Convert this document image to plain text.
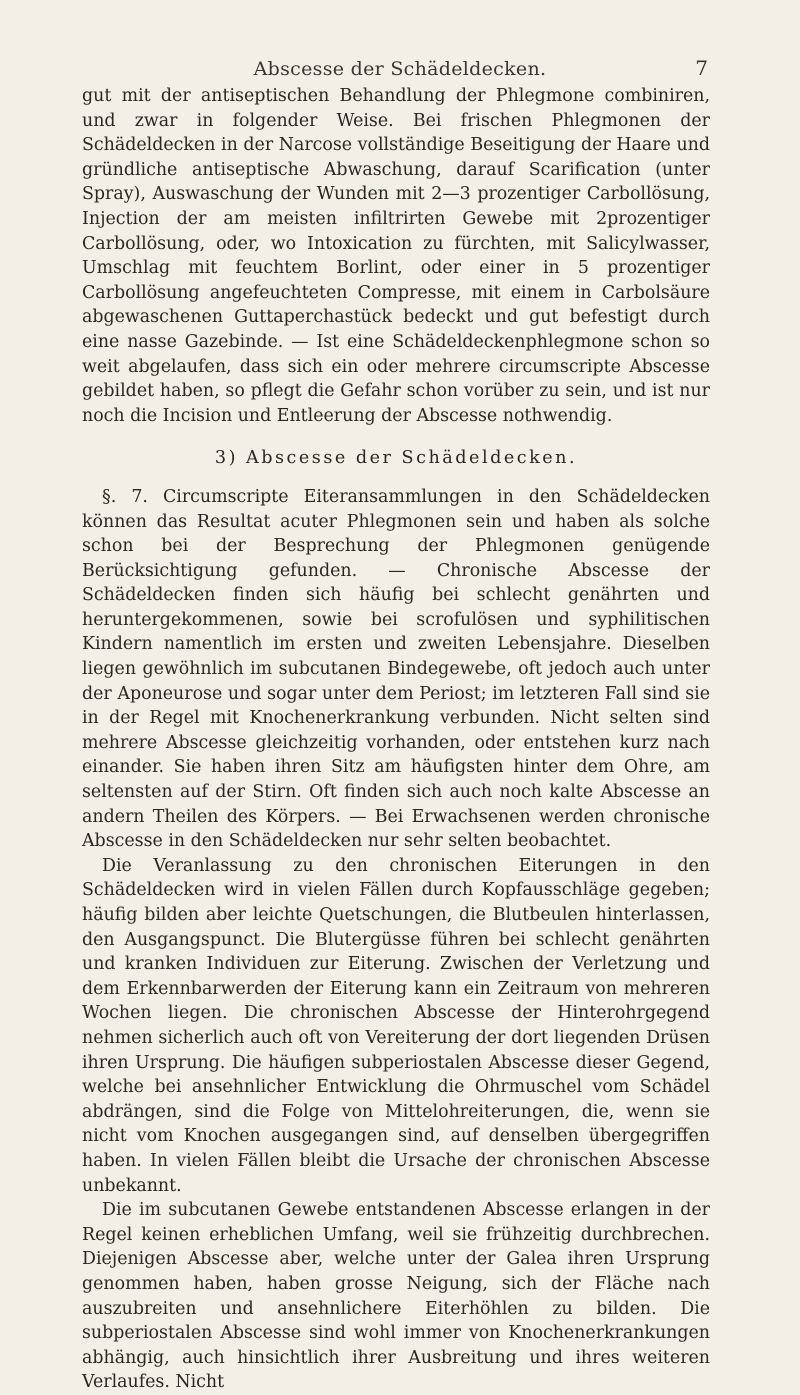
Abscesse der Schädeldecken.	7

gut mit der antiseptischen Behandlung der Phlegmone combiniren, und zwar in folgender Weise. Bei frischen Phlegmonen der Schädeldecken in der Narcose vollständige Beseitigung der Haare und gründliche antiseptische Abwaschung, darauf Scarification (unter Spray), Auswaschung der Wunden mit 2—3 prozentiger Carbollösung, Injection der am meisten infiltrirten Gewebe mit 2prozentiger Carbollösung, oder, wo Intoxication zu fürchten, mit Salicylwasser, Umschlag mit feuchtem Borlint, oder einer in 5 prozentiger Carbollösung angefeuchteten Compresse, mit einem in Carbolsäure abgewaschenen Guttaperchastück bedeckt und gut befestigt durch eine nasse Gazebinde. — Ist eine Schädeldeckenphlegmone schon so weit abgelaufen, dass sich ein oder mehrere circumscripte Abscesse gebildet haben, so pflegt die Gefahr schon vorüber zu sein, und ist nur noch die Incision und Entleerung der Abscesse nothwendig.

3) Abscesse der Schädeldecken.

§. 7. Circumscripte Eiteransammlungen in den Schädeldecken können das Resultat acuter Phlegmonen sein und haben als solche schon bei der Besprechung der Phlegmonen genügende Berücksichtigung gefunden. — Chronische Abscesse der Schädeldecken finden sich häufig bei schlecht genährten und heruntergekommenen, sowie bei scrofulösen und syphilitischen Kindern namentlich im ersten und zweiten Lebensjahre. Dieselben liegen gewöhnlich im subcutanen Bindegewebe, oft jedoch auch unter der Aponeurose und sogar unter dem Periost; im letzteren Fall sind sie in der Regel mit Knochenerkrankung verbunden. Nicht selten sind mehrere Abscesse gleichzeitig vorhanden, oder entstehen kurz nach einander. Sie haben ihren Sitz am häufigsten hinter dem Ohre, am seltensten auf der Stirn. Oft finden sich auch noch kalte Abscesse an andern Theilen des Körpers. — Bei Erwachsenen werden chronische Abscesse in den Schädeldecken nur sehr selten beobachtet.

Die Veranlassung zu den chronischen Eiterungen in den Schädeldecken wird in vielen Fällen durch Kopfausschläge gegeben; häufig bilden aber leichte Quetschungen, die Blutbeulen hinterlassen, den Ausgangspunct. Die Blutergüsse führen bei schlecht genährten und kranken Individuen zur Eiterung. Zwischen der Verletzung und dem Erkennbarwerden der Eiterung kann ein Zeitraum von mehreren Wochen liegen. Die chronischen Abscesse der Hinterohrgegend nehmen sicherlich auch oft von Vereiterung der dort liegenden Drüsen ihren Ursprung. Die häufigen subperiostalen Abscesse dieser Gegend, welche bei ansehnlicher Entwicklung die Ohrmuschel vom Schädel abdrängen, sind die Folge von Mittelohreiterungen, die, wenn sie nicht vom Knochen ausgegangen sind, auf denselben übergegriffen haben. In vielen Fällen bleibt die Ursache der chronischen Abscesse unbekannt.

Die im subcutanen Gewebe entstandenen Abscesse erlangen in der Regel keinen erheblichen Umfang, weil sie frühzeitig durchbrechen. Diejenigen Abscesse aber, welche unter der Galea ihren Ursprung genommen haben, haben grosse Neigung, sich der Fläche nach auszubreiten und ansehnlichere Eiterhöhlen zu bilden. Die subperiostalen Abscesse sind wohl immer von Knochenerkrankungen abhängig, auch hinsichtlich ihrer Ausbreitung und ihres weiteren Verlaufes. Nicht
